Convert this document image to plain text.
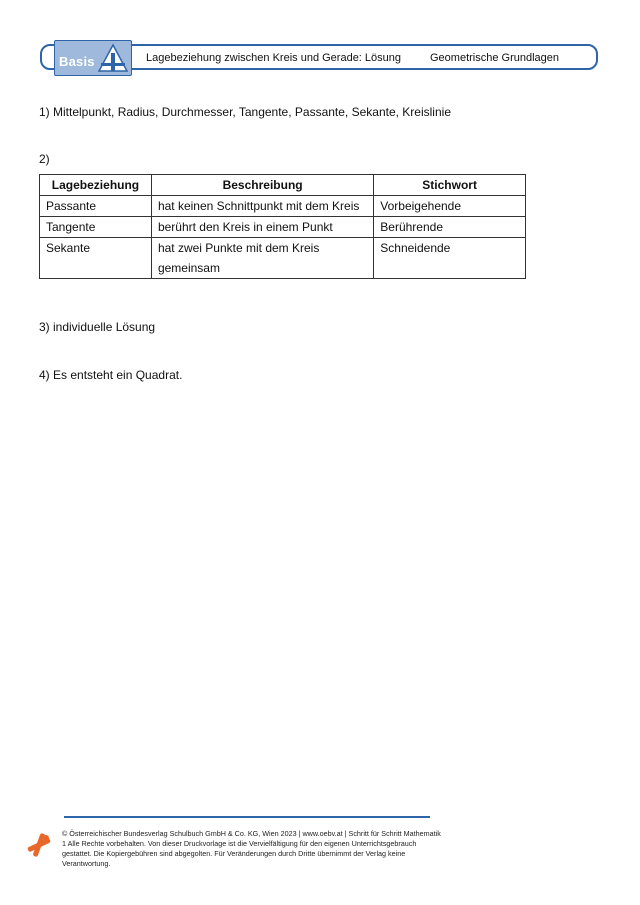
Basis	Lagebeziehung zwischen Kreis und Gerade: Lösung	Geometrische Grundlagen
1) Mittelpunkt, Radius, Durchmesser, Tangente, Passante, Sekante, Kreislinie
2)
Lagebeziehung	Beschreibung	Stichwort
Passante	hat keinen Schnittpunkt mit dem Kreis	Vorbeigehende
Tangente	berührt den Kreis in einem Punkt	Berührende
Sekante	hat zwei Punkte mit dem Kreis gemeinsam	Schneidende
3) individuelle Lösung
4) Es entsteht ein Quadrat.
© Österreichischer Bundesverlag Schulbuch GmbH & Co. KG, Wien 2023 | www.oebv.at | Schritt für Schritt Mathematik 1 Alle Rechte vorbehalten. Von dieser Druckvorlage ist die Vervielfältigung für den eigenen Unterrichtsgebrauch gestattet. Die Kopiergebühren sind abgegolten. Für Veränderungen durch Dritte übernimmt der Verlag keine Verantwortung.
